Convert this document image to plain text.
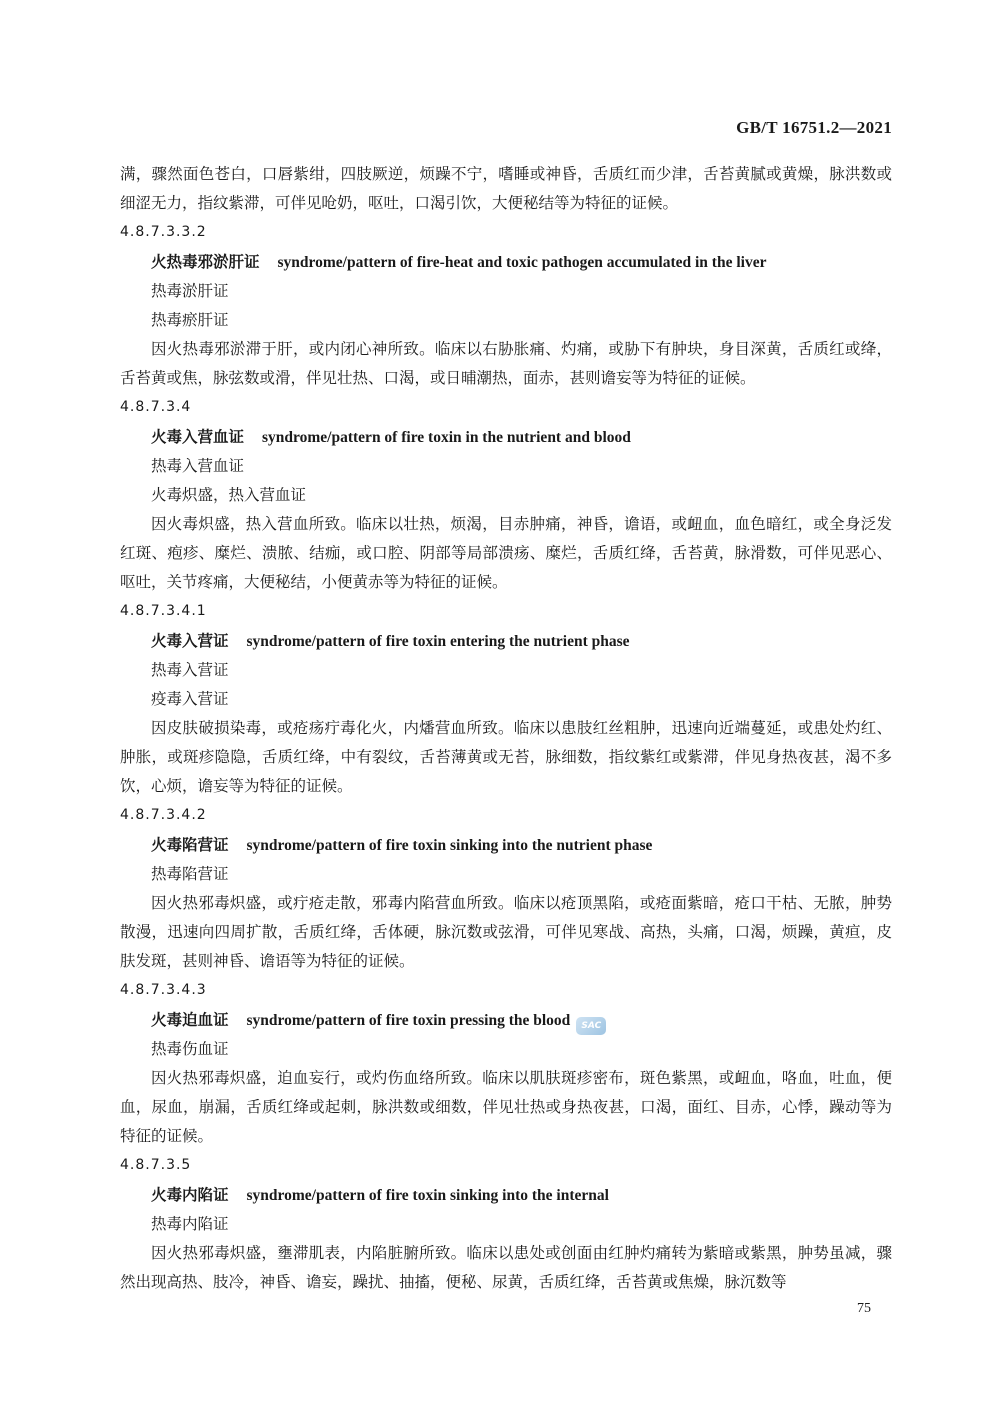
GB/T 16751.2—2021

满，骤然面色苍白，口唇紫绀，四肢厥逆，烦躁不宁，嗜睡或神昏，舌质红而少津，舌苔黄腻或黄燥，脉洪数或细涩无力，指纹紫滞，可伴见呛奶，呕吐，口渴引饮，大便秘结等为特征的证候。

4.8.7.3.3.2

火热毒邪淤肝证 syndrome/pattern of fire-heat and toxic pathogen accumulated in the liver

热毒淤肝证

热毒瘀肝证

因火热毒邪淤滞于肝，或内闭心神所致。临床以右胁胀痛、灼痛，或胁下有肿块，身目深黄，舌质红或绛，舌苔黄或焦，脉弦数或滑，伴见壮热、口渴，或日晡潮热，面赤，甚则谵妄等为特征的证候。

4.8.7.3.4

火毒入营血证 syndrome/pattern of fire toxin in the nutrient and blood

热毒入营血证

火毒炽盛，热入营血证

因火毒炽盛，热入营血所致。临床以壮热，烦渴，目赤肿痛，神昏，谵语，或衄血，血色暗红，或全身泛发红斑、疱疹、糜烂、溃脓、结痂，或口腔、阴部等局部溃疡、糜烂，舌质红绛，舌苔黄，脉滑数，可伴见恶心、呕吐，关节疼痛，大便秘结，小便黄赤等为特征的证候。

4.8.7.3.4.1

火毒入营证 syndrome/pattern of fire toxin entering the nutrient phase

热毒入营证

疫毒入营证

因皮肤破损染毒，或疮疡疔毒化火，内燔营血所致。临床以患肢红丝粗肿，迅速向近端蔓延，或患处灼红、肿胀，或斑疹隐隐，舌质红绛，中有裂纹，舌苔薄黄或无苔，脉细数，指纹紫红或紫滞，伴见身热夜甚，渴不多饮，心烦，谵妄等为特征的证候。

4.8.7.3.4.2

火毒陷营证 syndrome/pattern of fire toxin sinking into the nutrient phase

热毒陷营证

因火热邪毒炽盛，或疔疮走散，邪毒内陷营血所致。临床以疮顶黑陷，或疮面紫暗，疮口干枯、无脓，肿势散漫，迅速向四周扩散，舌质红绛，舌体硬，脉沉数或弦滑，可伴见寒战、高热，头痛，口渴，烦躁，黄疸，皮肤发斑，甚则神昏、谵语等为特征的证候。

4.8.7.3.4.3

火毒迫血证 syndrome/pattern of fire toxin pressing the blood SAC

热毒伤血证

因火热邪毒炽盛，迫血妄行，或灼伤血络所致。临床以肌肤斑疹密布，斑色紫黑，或衄血，咯血，吐血，便血，尿血，崩漏，舌质红绛或起刺，脉洪数或细数，伴见壮热或身热夜甚，口渴，面红、目赤，心悸，躁动等为特征的证候。

4.8.7.3.5

火毒内陷证 syndrome/pattern of fire toxin sinking into the internal

热毒内陷证

因火热邪毒炽盛，壅滞肌表，内陷脏腑所致。临床以患处或创面由红肿灼痛转为紫暗或紫黑，肿势虽减，骤然出现高热、肢冷，神昏、谵妄，躁扰、抽搐，便秘、尿黄，舌质红绛，舌苔黄或焦燥，脉沉数等

75
